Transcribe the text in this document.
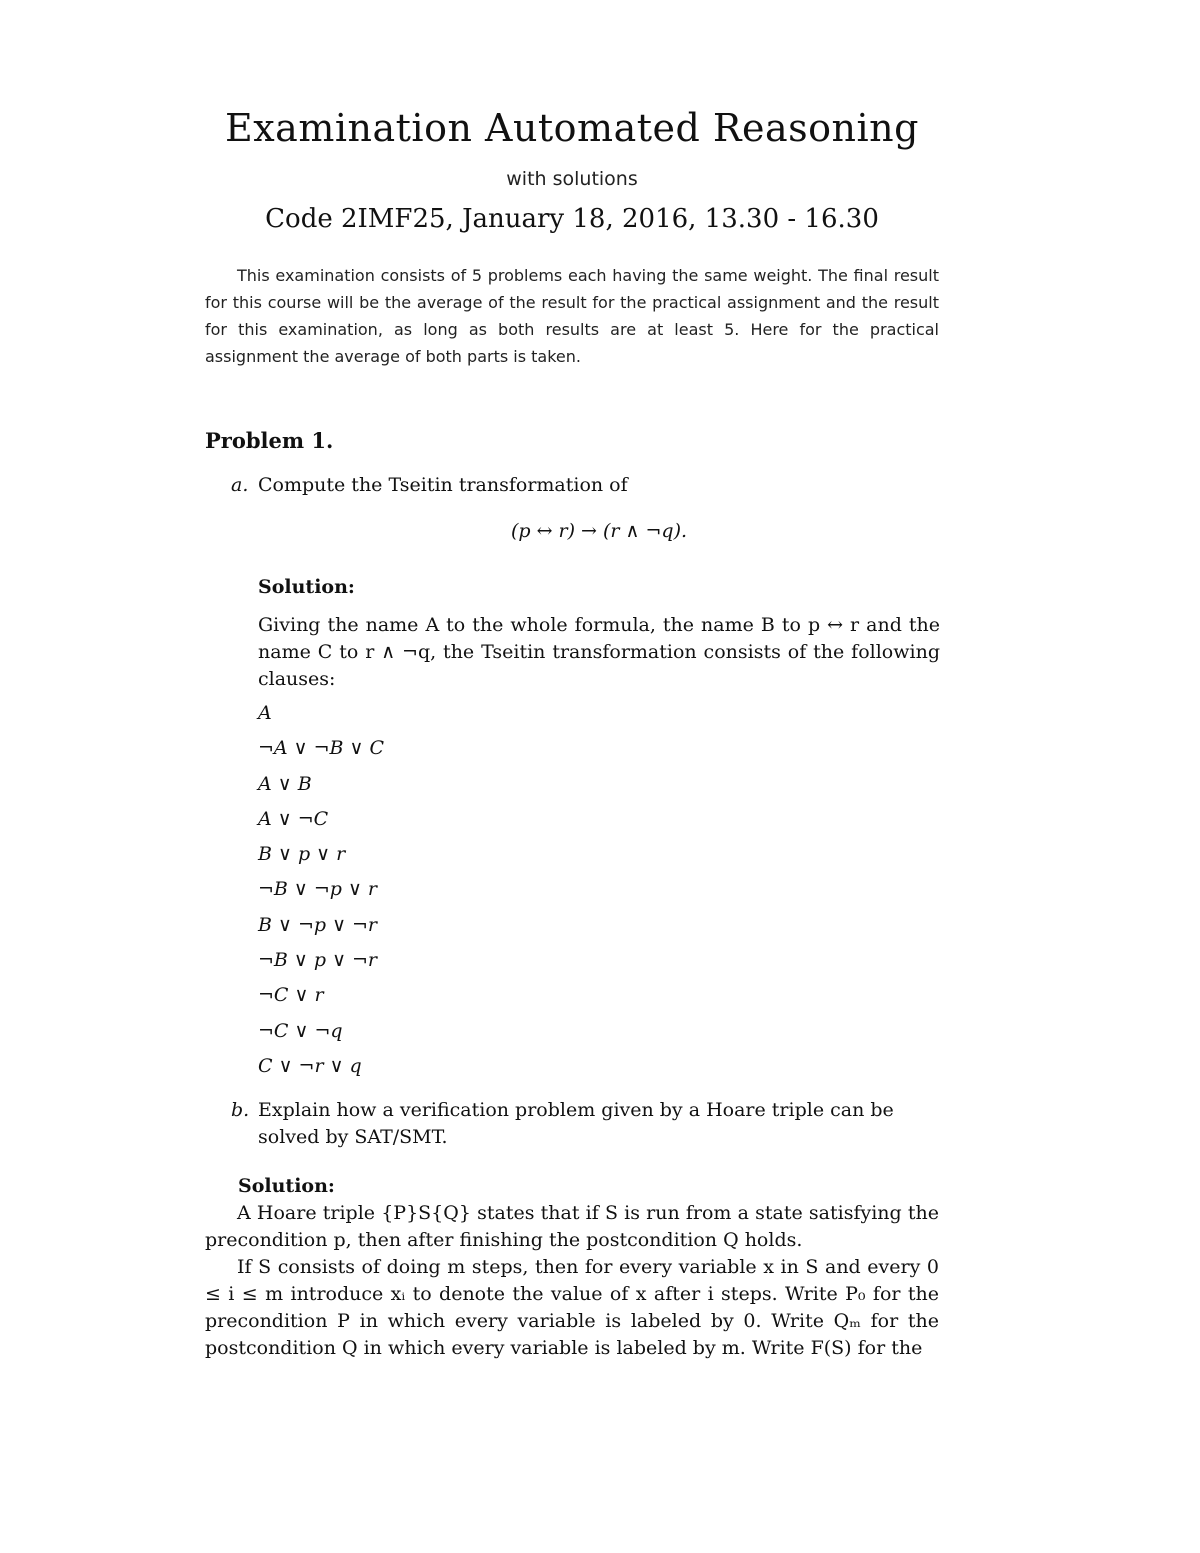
Examination Automated Reasoning
with solutions
Code 2IMF25, January 18, 2016, 13.30 - 16.30
This examination consists of 5 problems each having the same weight. The final result for this course will be the average of the result for the practical assignment and the result for this examination, as long as both results are at least 5. Here for the practical assignment the average of both parts is taken.
Problem 1.
a. Compute the Tseitin transformation of
(p ↔ r) → (r ∧ ¬q).
Solution:
Giving the name A to the whole formula, the name B to p ↔ r and the name C to r ∧ ¬q, the Tseitin transformation consists of the following clauses:
A
¬A ∨ ¬B ∨ C
A ∨ B
A ∨ ¬C
B ∨ p ∨ r
¬B ∨ ¬p ∨ r
B ∨ ¬p ∨ ¬r
¬B ∨ p ∨ ¬r
¬C ∨ r
¬C ∨ ¬q
C ∨ ¬r ∨ q
b. Explain how a verification problem given by a Hoare triple can be solved by SAT/SMT.
Solution:

A Hoare triple {P}S{Q} states that if S is run from a state satisfying the precondition p, then after finishing the postcondition Q holds.

If S consists of doing m steps, then for every variable x in S and every 0 ≤ i ≤ m introduce xᵢ to denote the value of x after i steps. Write P₀ for the precondition P in which every variable is labeled by 0. Write Qₘ for the postcondition Q in which every variable is labeled by m. Write F(S) for the
